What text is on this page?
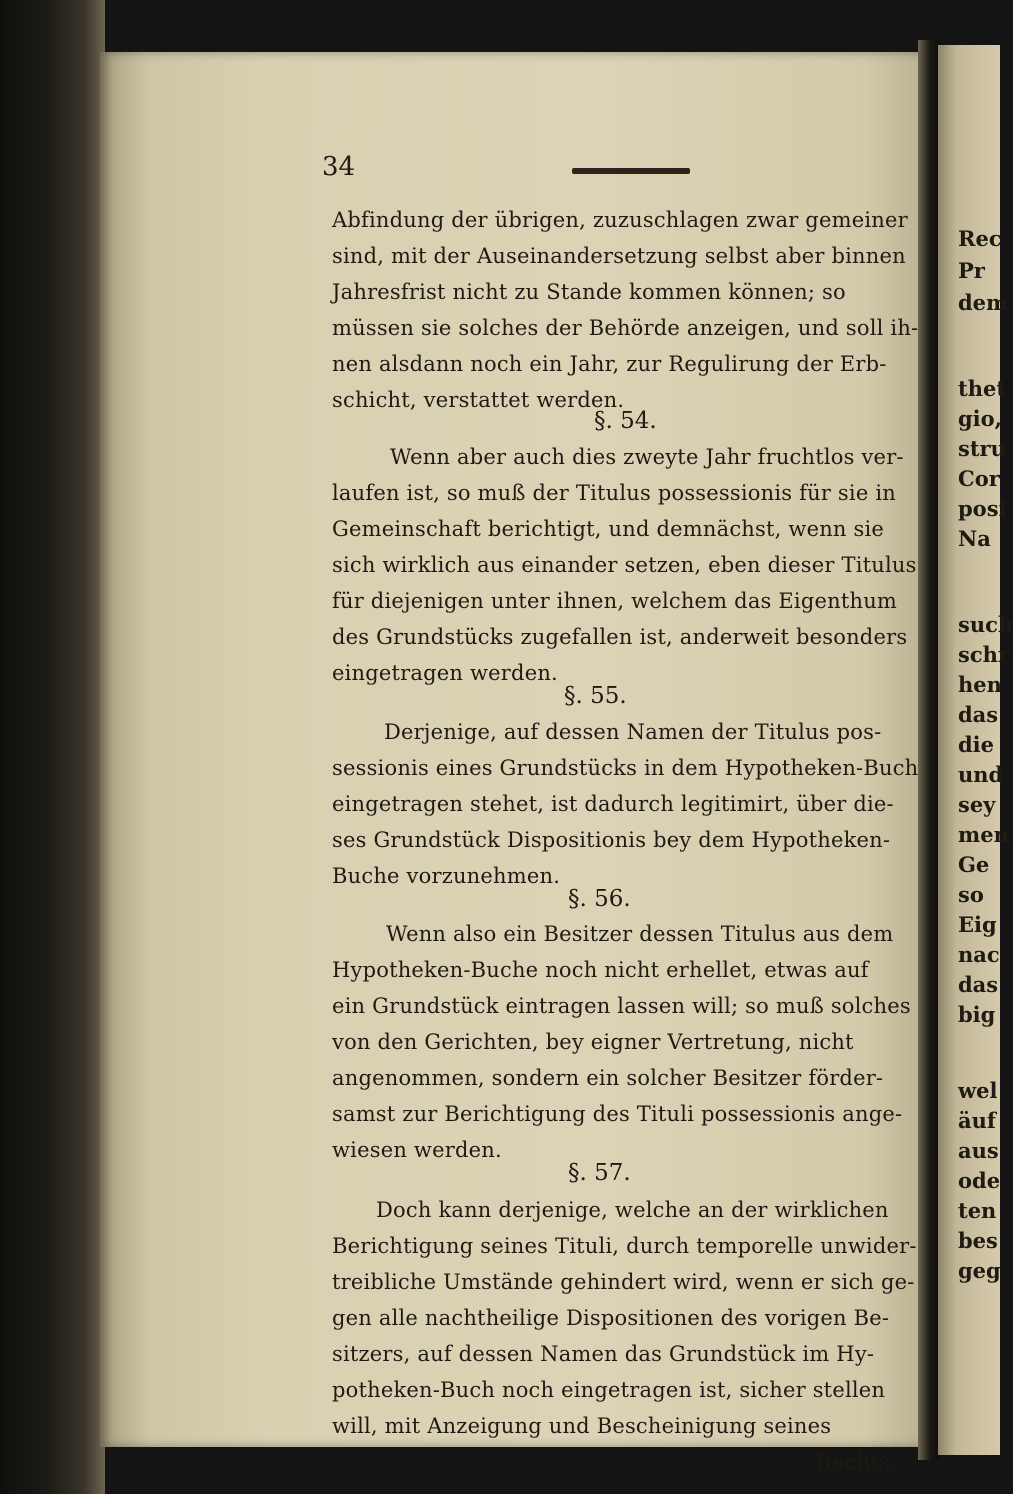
34
Abfindung der übrigen, zuzuschlagen zwar gemeiner
sind, mit der Auseinandersetzung selbst aber binnen
Jahresfrist nicht zu Stande kommen können; so
müssen sie solches der Behörde anzeigen, und soll ih-
nen alsdann noch ein Jahr, zur Regulirung der Erb-
schicht, verstattet werden.
§. 54.
Wenn aber auch dies zweyte Jahr fruchtlos ver-
laufen ist, so muß der Titulus possessionis für sie in
Gemeinschaft berichtigt, und demnächst, wenn sie
sich wirklich aus einander setzen, eben dieser Titulus
für diejenigen unter ihnen, welchem das Eigenthum
des Grundstücks zugefallen ist, anderweit besonders
eingetragen werden.
§. 55.
Derjenige, auf dessen Namen der Titulus pos-
sessionis eines Grundstücks in dem Hypotheken-Buch
eingetragen stehet, ist dadurch legitimirt, über die-
ses Grundstück Dispositionis bey dem Hypotheken-
Buche vorzunehmen.
§. 56.
Wenn also ein Besitzer dessen Titulus aus dem
Hypotheken-Buche noch nicht erhellet, etwas auf
ein Grundstück eintragen lassen will; so muß solches
von den Gerichten, bey eigner Vertretung, nicht
angenommen, sondern ein solcher Besitzer förder-
samst zur Berichtigung des Tituli possessionis ange-
wiesen werden.
§. 57.
Doch kann derjenige, welche an der wirklichen
Berichtigung seines Tituli, durch temporelle unwider-
treibliche Umstände gehindert wird, wenn er sich ge-
gen alle nachtheilige Dispositionen des vorigen Be-
sitzers, auf dessen Namen das Grundstück im Hy-
potheken-Buch noch eingetragen ist, sicher stellen
will, mit Anzeigung und Bescheinigung seines
Rechts,
Rec
Pr
dem
thet
gio,
stru
Cor
posi
Na
such
schr
hen
das
die
und
sey
men
Ge
so
Eig
nac
das
big
wel
äuf
aus
ode
ten
bes
geg
